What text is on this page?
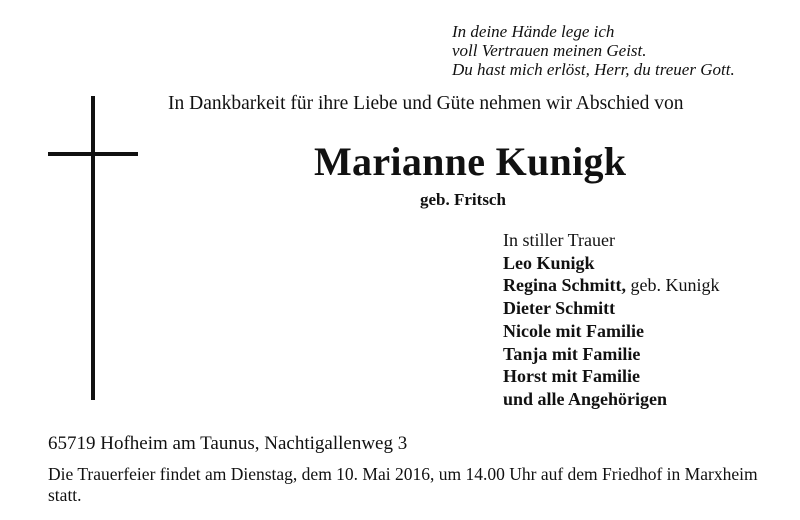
In deine Hände lege ich
voll Vertrauen meinen Geist.
Du hast mich erlöst, Herr, du treuer Gott.
In Dankbarkeit für ihre Liebe und Güte nehmen wir Abschied von
Marianne Kunigk
geb. Fritsch
In stiller Trauer
Leo Kunigk
Regina Schmitt, geb. Kunigk
Dieter Schmitt
Nicole mit Familie
Tanja mit Familie
Horst mit Familie
und alle Angehörigen
65719 Hofheim am Taunus, Nachtigallenweg 3
Die Trauerfeier findet am Dienstag, dem 10. Mai 2016, um 14.00 Uhr auf dem Friedhof in Marxheim statt.
